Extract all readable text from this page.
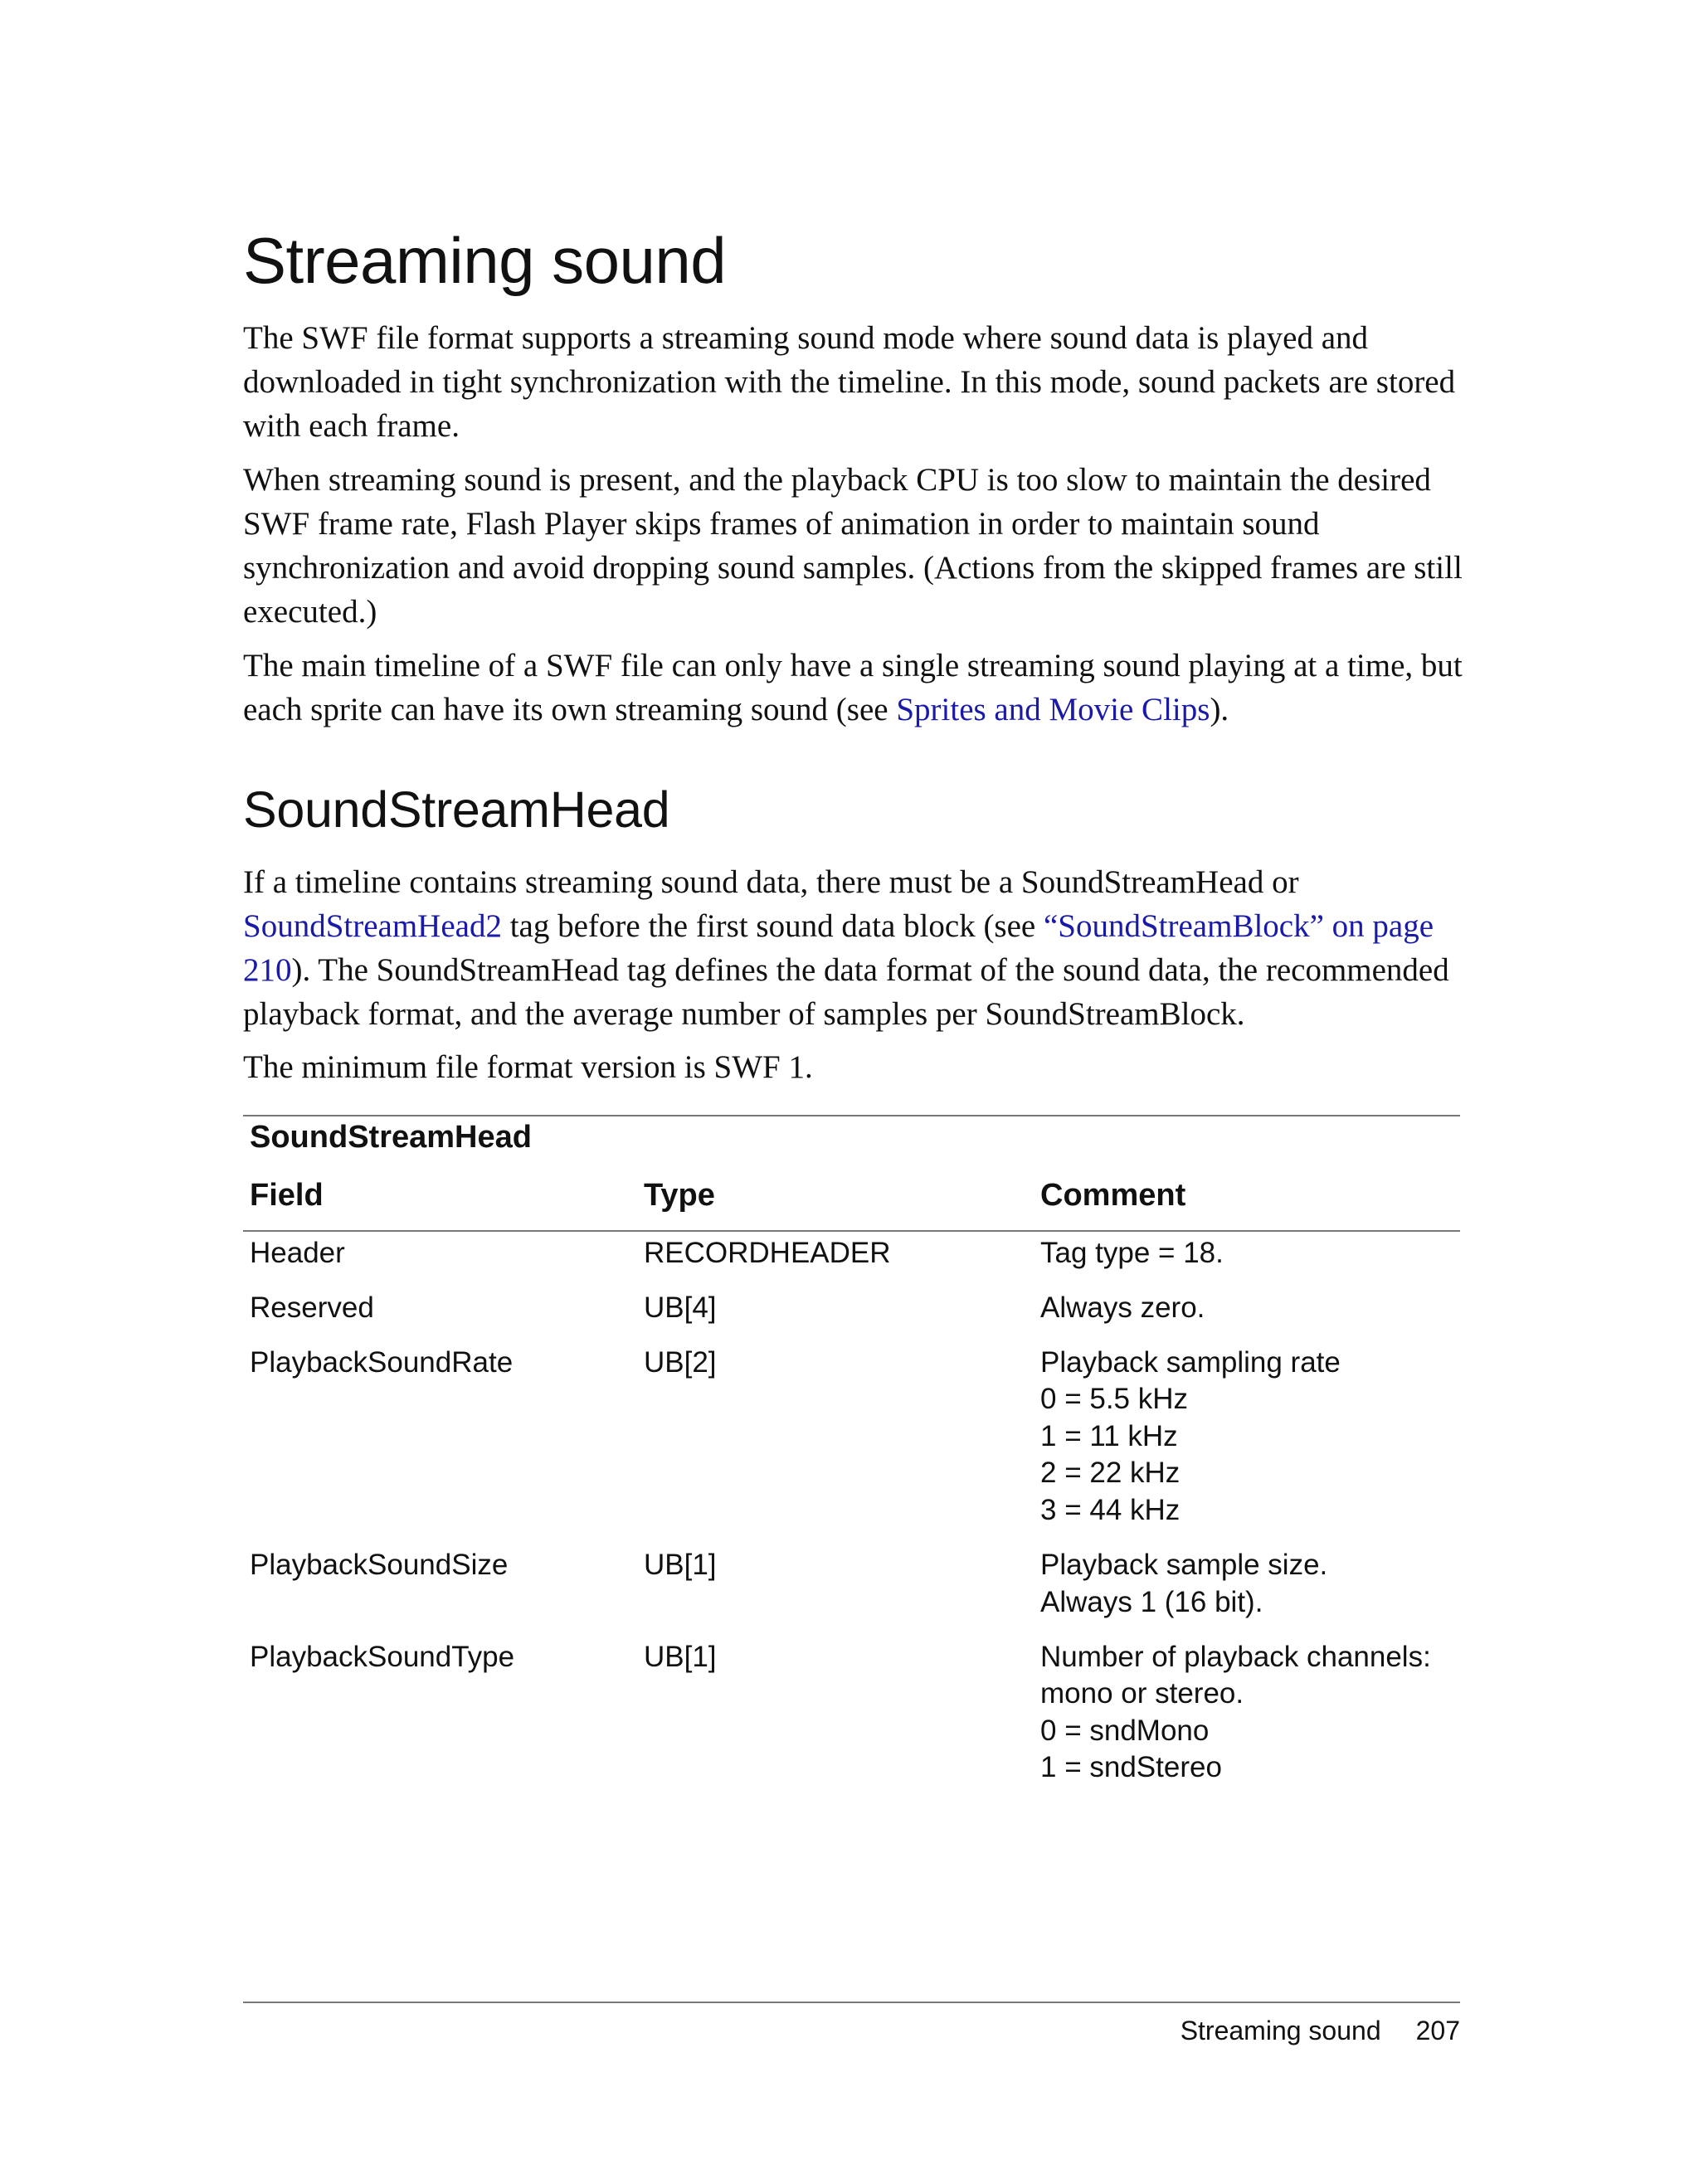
Streaming sound

The SWF file format supports a streaming sound mode where sound data is played and downloaded in tight synchronization with the timeline. In this mode, sound packets are stored with each frame.

When streaming sound is present, and the playback CPU is too slow to maintain the desired SWF frame rate, Flash Player skips frames of animation in order to maintain sound synchronization and avoid dropping sound samples. (Actions from the skipped frames are still executed.)

The main timeline of a SWF file can only have a single streaming sound playing at a time, but each sprite can have its own streaming sound (see Sprites and Movie Clips).

SoundStreamHead

If a timeline contains streaming sound data, there must be a SoundStreamHead or SoundStreamHead2 tag before the first sound data block (see “SoundStreamBlock” on page 210). The SoundStreamHead tag defines the data format of the sound data, the recommended playback format, and the average number of samples per SoundStreamBlock.

The minimum file format version is SWF 1.

SoundStreamHead
Field	Type	Comment
Header	RECORDHEADER	Tag type = 18.
Reserved	UB[4]	Always zero.
PlaybackSoundRate	UB[2]	Playback sampling rate
0 = 5.5 kHz
1 = 11 kHz
2 = 22 kHz
3 = 44 kHz
PlaybackSoundSize	UB[1]	Playback sample size.
Always 1 (16 bit).
PlaybackSoundType	UB[1]	Number of playback channels:
mono or stereo.
0 = sndMono
1 = sndStereo
Streaming sound 207
